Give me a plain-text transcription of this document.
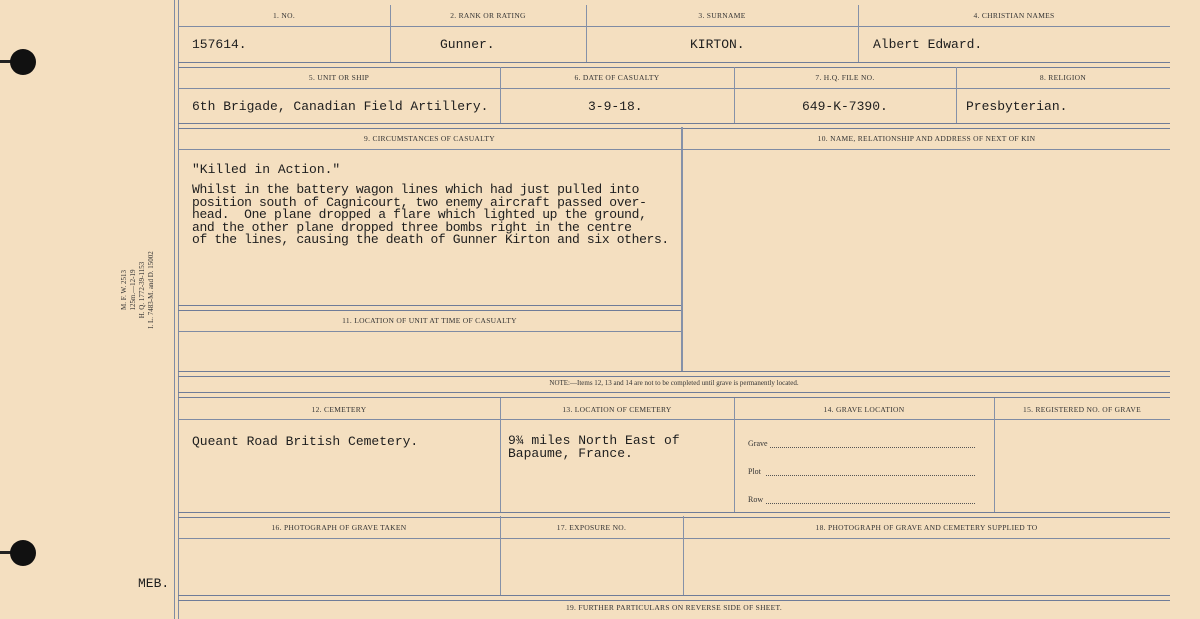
M. F. W. 2513 125m.—12-19 H. Q. 1772-39-1153 I. L. 7483-M. and D. 15002
MEB.
1. NO.	2. RANK OR RATING	3. SURNAME	4. CHRISTIAN NAMES
157614.	Gunner.	KIRTON.	Albert Edward.
5. UNIT OR SHIP	6. DATE OF CASUALTY	7. H.Q. FILE NO.	8. RELIGION
6th Brigade, Canadian Field Artillery.	3-9-18.	649-K-7390.	Presbyterian.
9. CIRCUMSTANCES OF CASUALTY	10. NAME, RELATIONSHIP AND ADDRESS OF NEXT OF KIN
"Killed in Action."
Whilst in the battery wagon lines which had just pulled into
position south of Cagnicourt, two enemy aircraft passed over-
head.  One plane dropped a flare which lighted up the ground,
and the other plane dropped three bombs right in the centre
of the lines, causing the death of Gunner Kirton and six others.
11. LOCATION OF UNIT AT TIME OF CASUALTY
NOTE:—Items 12, 13 and 14 are not to be completed until grave is permanently located.
12. CEMETERY	13. LOCATION OF CEMETERY	14. GRAVE LOCATION	15. REGISTERED NO. OF GRAVE
Queant Road British Cemetery.	9¾ miles North East of
Bapaume, France.
Grave
Plot
Row
16. PHOTOGRAPH OF GRAVE TAKEN	17. EXPOSURE NO.	18. PHOTOGRAPH OF GRAVE AND CEMETERY SUPPLIED TO
19. FURTHER PARTICULARS ON REVERSE SIDE OF SHEET.
